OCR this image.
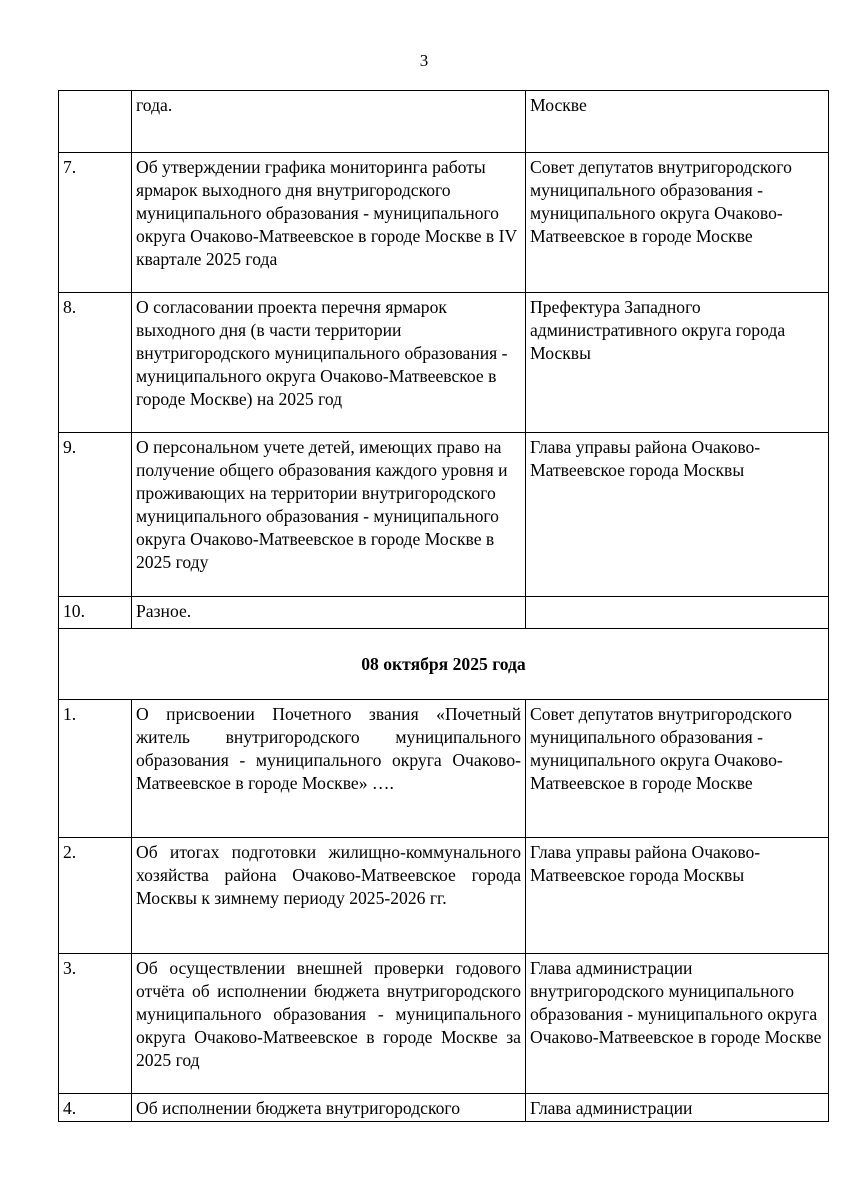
3
	года.	Москве
7.	Об утверждении графика мониторинга работы ярмарок выходного дня внутригородского муниципального образования - муниципального округа Очаково-Матвеевское в городе Москве в IV квартале 2025 года	Совет депутатов внутригородского муниципального образования - муниципального округа Очаково-Матвеевское в городе Москве
8.	О согласовании проекта перечня ярмарок выходного дня (в части территории внутригородского муниципального образования - муниципального округа Очаково-Матвеевское в городе Москве) на 2025 год	Префектура Западного административного округа города Москвы
9.	О персональном учете детей, имеющих право на получение общего образования каждого уровня и проживающих на территории внутригородского муниципального образования - муниципального округа Очаково-Матвеевское в городе Москве в 2025 году	Глава управы района Очаково-Матвеевское города Москвы
10.	Разное.	
08 октября 2025 года		
1.	О присвоении Почетного звания «Почетный житель внутригородского муниципального образования - муниципального округа Очаково-Матвеевское в городе Москве» ….	Совет депутатов внутригородского муниципального образования - муниципального округа Очаково-Матвеевское в городе Москве
2.	Об итогах подготовки жилищно-коммунального хозяйства района Очаково-Матвеевское города Москвы к зимнему периоду 2025-2026 гг.	Глава управы района Очаково-Матвеевское города Москвы
3.	Об осуществлении внешней проверки годового отчёта об исполнении бюджета внутригородского муниципального образования - муниципального округа Очаково-Матвеевское в городе Москве за 2025 год	Глава администрации внутригородского муниципального образования - муниципального округа Очаково-Матвеевское в городе Москве
4.	Об исполнении бюджета внутригородского	Глава администрации
